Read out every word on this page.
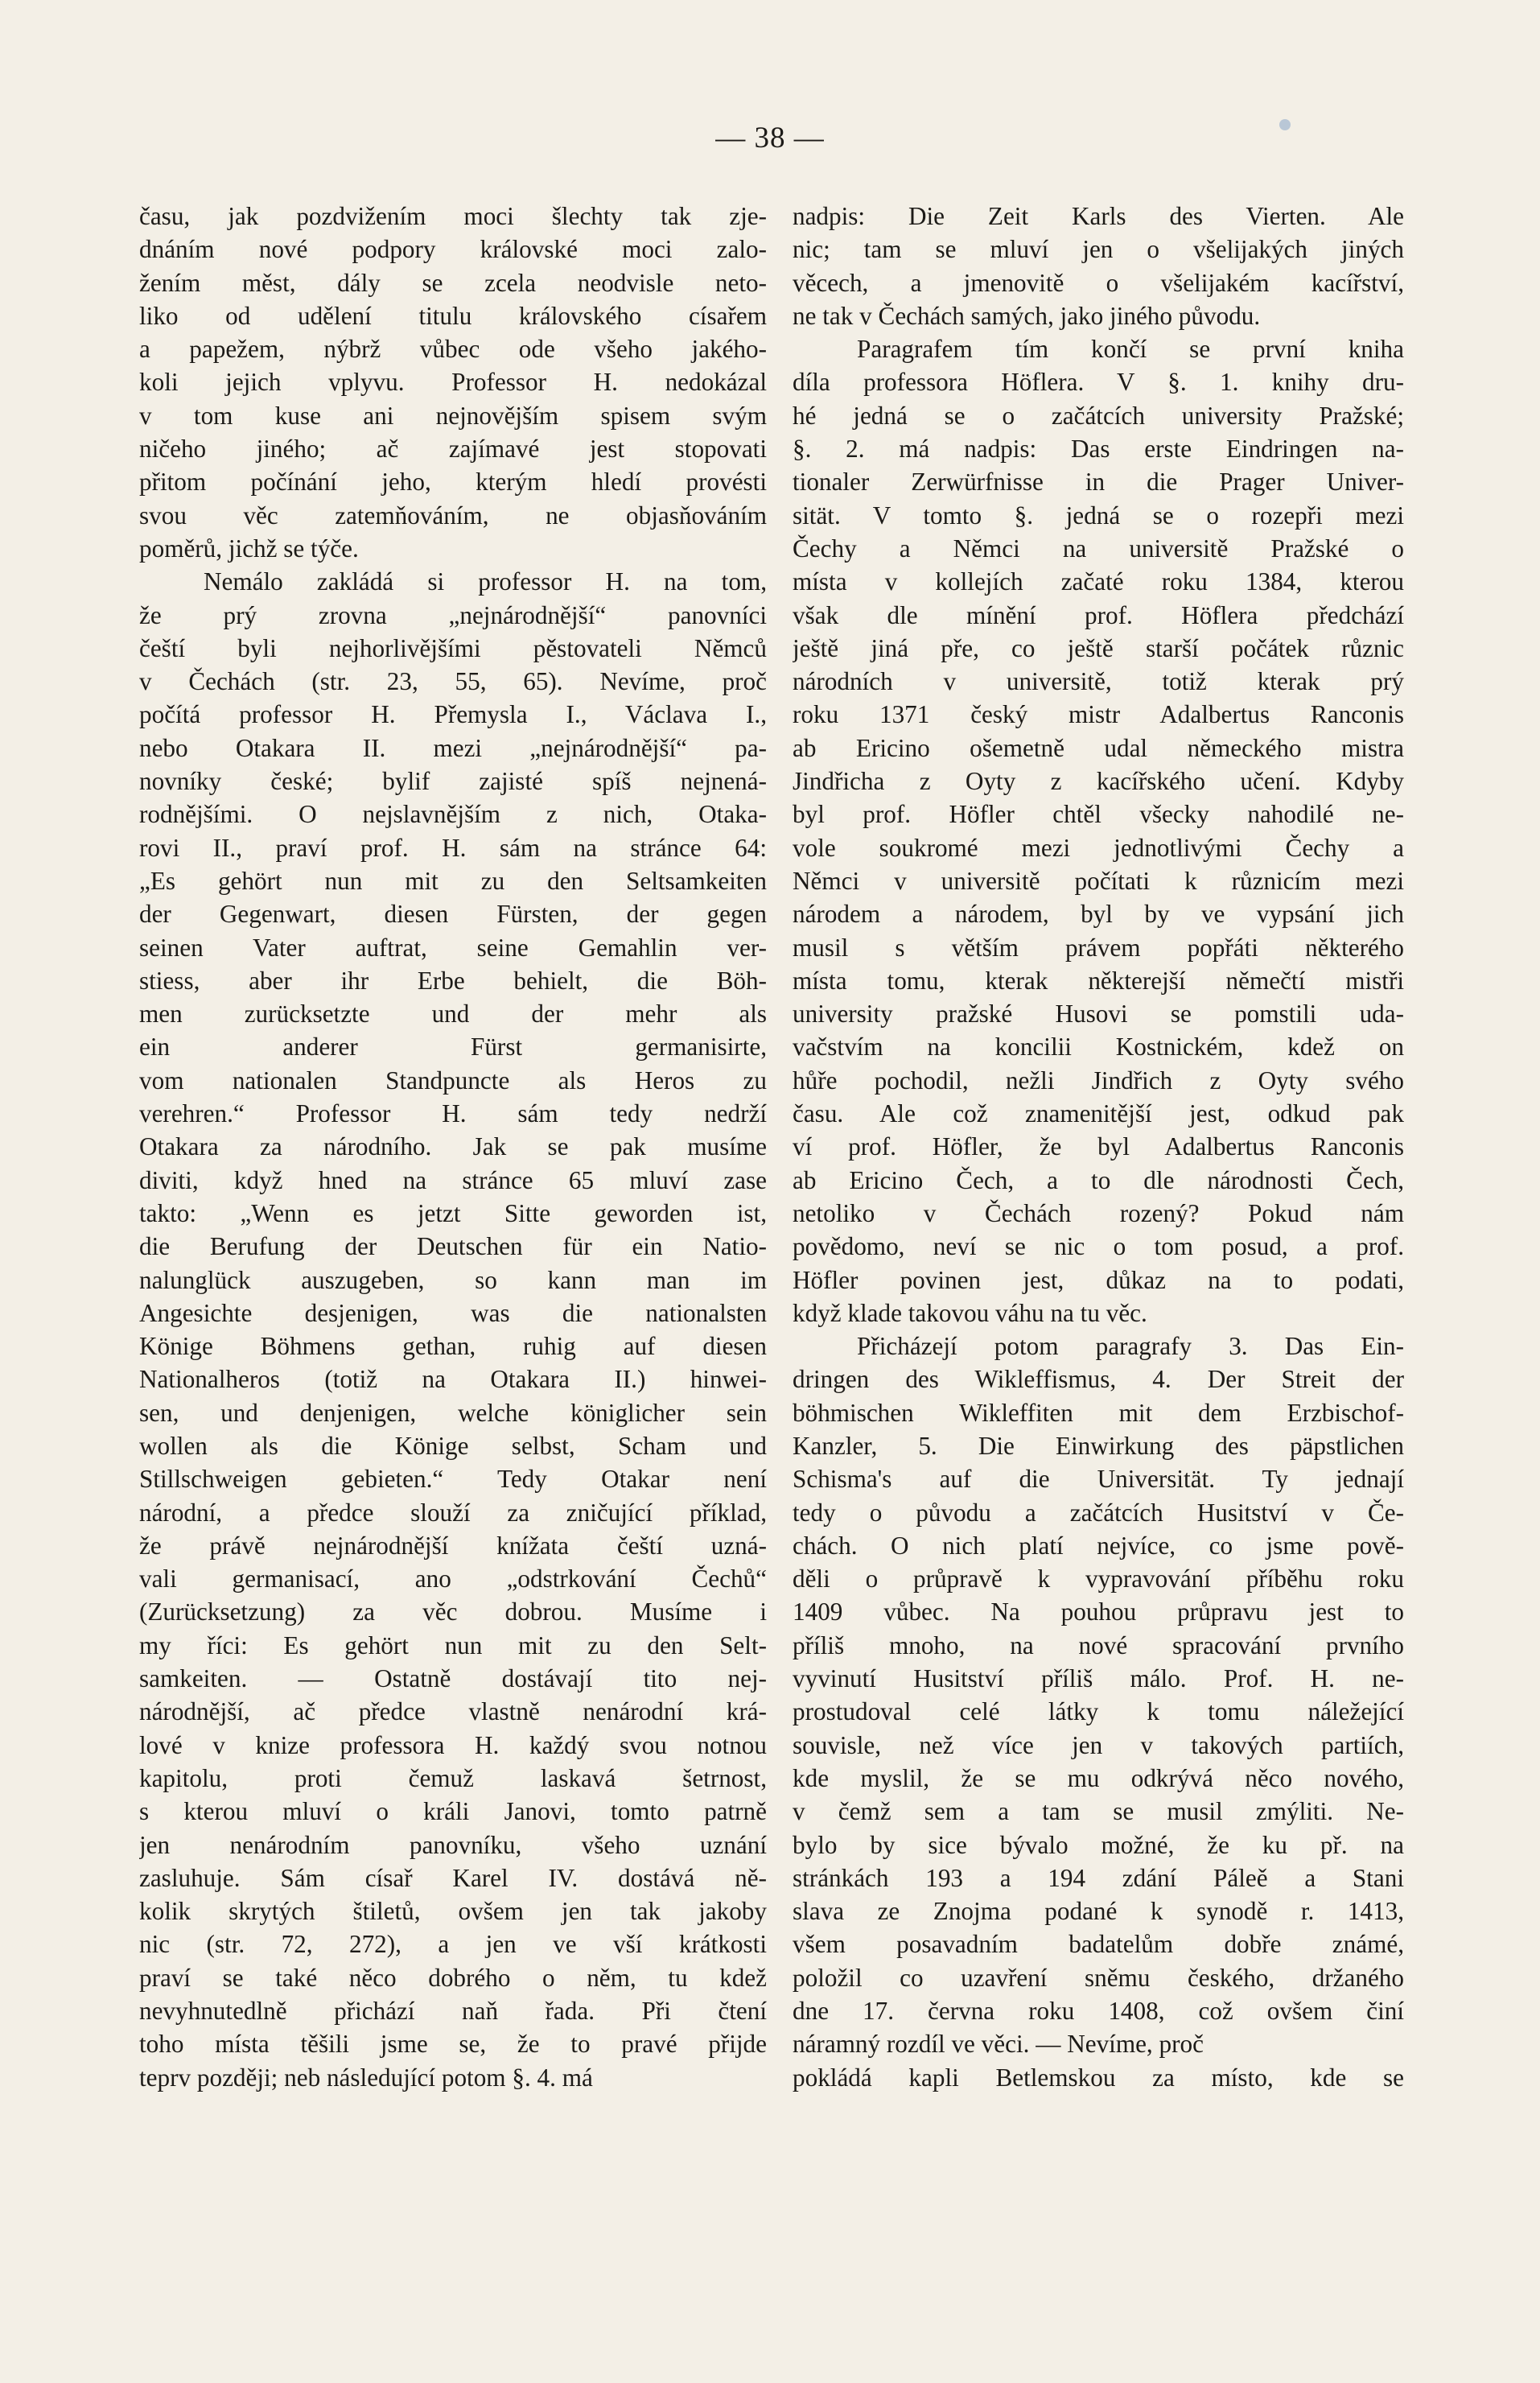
— 38 —
času, jak pozdvižením moci šlechty tak zje-
dnáním nové podpory královské moci zalo-
žením měst, dály se zcela neodvisle neto-
liko od udělení titulu královského císařem
a papežem, nýbrž vůbec ode všeho jakého-
koli jejich vplyvu. Professor H. nedokázal
v tom kuse ani nejnovějším spisem svým
ničeho jiného; ač zajímavé jest stopovati
přitom počínání jeho, kterým hledí provésti
svou věc zatemňováním, ne objasňováním
poměrů, jichž se týče.
Nemálo zakládá si professor H. na tom,
že prý zrovna „nejnárodnější“ panovníci
čeští byli nejhorlivějšími pěstovateli Němců
v Čechách (str. 23, 55, 65). Nevíme, proč
počítá professor H. Přemysla I., Václava I.,
nebo Otakara II. mezi „nejnárodnější“ pa-
novníky české; bylif zajisté spíš nejnená-
rodnějšími. O nejslavnějším z nich, Otaka-
rovi II., praví prof. H. sám na stránce 64:
„Es gehört nun mit zu den Seltsamkeiten
der Gegenwart, diesen Fürsten, der gegen
seinen Vater auftrat, seine Gemahlin ver-
stiess, aber ihr Erbe behielt, die Böh-
men zurücksetzte und der mehr als
ein anderer Fürst germanisirte,
vom nationalen Standpuncte als Heros zu
verehren.“ Professor H. sám tedy nedrží
Otakara za národního. Jak se pak musíme
diviti, když hned na stránce 65 mluví zase
takto: „Wenn es jetzt Sitte geworden ist,
die Berufung der Deutschen für ein Natio-
nalunglück auszugeben, so kann man im
Angesichte desjenigen, was die nationalsten
Könige Böhmens gethan, ruhig auf diesen
Nationalheros (totiž na Otakara II.) hinwei-
sen, und denjenigen, welche königlicher sein
wollen als die Könige selbst, Scham und
Stillschweigen gebieten.“ Tedy Otakar není
národní, a předce slouží za zničující příklad,
že právě nejnárodnější knížata čeští uzná-
vali germanisací, ano „odstrkování Čechů“
(Zurücksetzung) za věc dobrou. Musíme i
my říci: Es gehört nun mit zu den Selt-
samkeiten. — Ostatně dostávají tito nej-
národnější, ač předce vlastně nenárodní krá-
lové v knize professora H. každý svou notnou
kapitolu, proti čemuž laskavá šetrnost,
s kterou mluví o králi Janovi, tomto patrně
jen nenárodním panovníku, všeho uznání
zasluhuje. Sám císař Karel IV. dostává ně-
kolik skrytých štiletů, ovšem jen tak jakoby
nic (str. 72, 272), a jen ve vší krátkosti
praví se také něco dobrého o něm, tu kdež
nevyhnutedlně přichází naň řada. Při čtení
toho místa těšili jsme se, že to pravé přijde
teprv později; neb následující potom §. 4. má
nadpis: Die Zeit Karls des Vierten. Ale
nic; tam se mluví jen o všelijakých jiných
věcech, a jmenovitě o všelijakém kacířství,
ne tak v Čechách samých, jako jiného původu.
Paragrafem tím končí se první kniha
díla professora Höflera. V §. 1. knihy dru-
hé jedná se o začátcích university Pražské;
§. 2. má nadpis: Das erste Eindringen na-
tionaler Zerwürfnisse in die Prager Univer-
sität. V tomto §. jedná se o rozepři mezi
Čechy a Němci na universitě Pražské o
místa v kollejích začaté roku 1384, kterou
však dle mínění prof. Höflera předchází
ještě jiná pře, co ještě starší počátek různic
národních v universitě, totiž kterak prý
roku 1371 český mistr Adalbertus Ranconis
ab Ericino ošemetně udal německého mistra
Jindřicha z Oyty z kacířského učení. Kdyby
byl prof. Höfler chtěl všecky nahodilé ne-
vole soukromé mezi jednotlivými Čechy a
Němci v universitě počítati k různicím mezi
národem a národem, byl by ve vypsání jich
musil s větším právem popřáti některého
místa tomu, kterak některejší němečtí mistři
university pražské Husovi se pomstili uda-
vačstvím na koncilii Kostnickém, kdež on
hůře pochodil, nežli Jindřich z Oyty svého
času. Ale což znamenitější jest, odkud pak
ví prof. Höfler, že byl Adalbertus Ranconis
ab Ericino Čech, a to dle národnosti Čech,
netoliko v Čechách rozený? Pokud nám
povědomo, neví se nic o tom posud, a prof.
Höfler povinen jest, důkaz na to podati,
když klade takovou váhu na tu věc.
Přicházejí potom paragrafy 3. Das Ein-
dringen des Wikleffismus, 4. Der Streit der
böhmischen Wikleffiten mit dem Erzbischof-
Kanzler, 5. Die Einwirkung des päpstlichen
Schisma's auf die Universität. Ty jednají
tedy o původu a začátcích Husitství v Če-
chách. O nich platí nejvíce, co jsme pově-
děli o průpravě k vypravování příběhu roku
1409 vůbec. Na pouhou průpravu jest to
příliš mnoho, na nové spracování prvního
vyvinutí Husitství příliš málo. Prof. H. ne-
prostudoval celé látky k tomu náležející
souvisle, než více jen v takových partiích,
kde myslil, že se mu odkrývá něco nového,
v čemž sem a tam se musil zmýliti. Ne-
bylo by sice bývalo možné, že ku př. na
stránkách 193 a 194 zdání Páleě a Stani
slava ze Znojma podané k synodě r. 1413,
všem posavadním badatelům dobře známé,
položil co uzavření sněmu českého, držaného
dne 17. června roku 1408, což ovšem činí
náramný rozdíl ve věci. — Nevíme, proč
pokládá kapli Betlemskou za místo, kde se
